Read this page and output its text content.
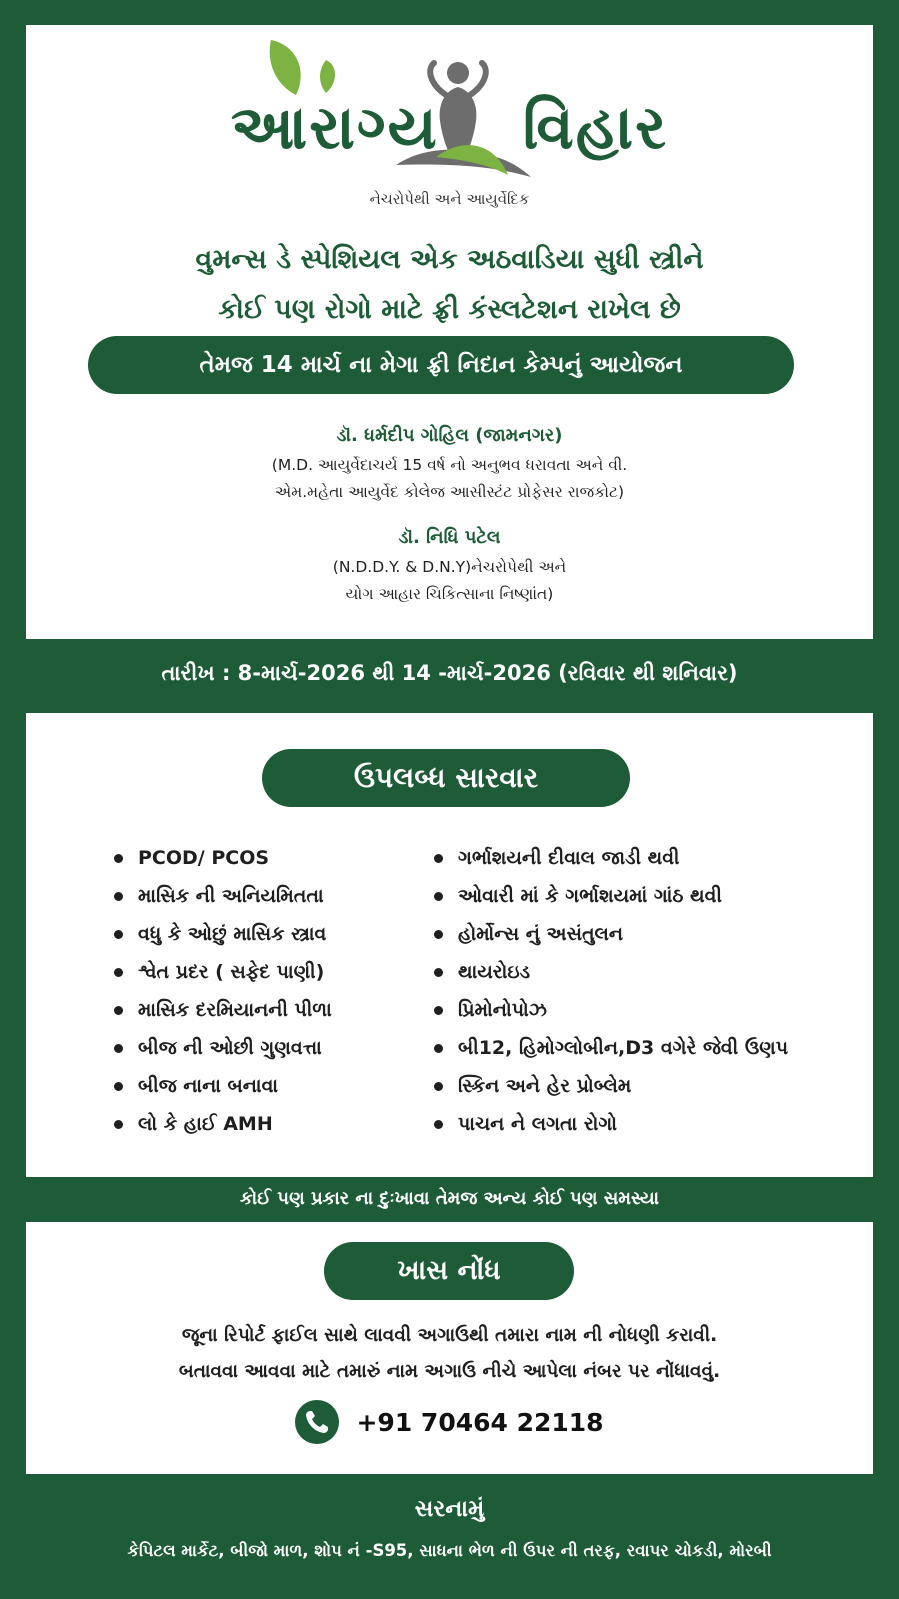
આરાગ્ય વિહાર
નેચરોપેથી અને આયુર્વેદિક
વુમન્સ ડે સ્પેશિયલ એક અઠવાડિયા સુધી સ્ત્રીને
કોઈ પણ રોગો માટે ફ્રી કંસ્લટેશન રાખેલ છે
તેમજ 14 માર્ચ ના મેગા ફ્રી નિદાન કેમ્પનું આયોજન
ડૉ. ધર્મદીપ ગોહિલ (જામનગર)
(M.D. આયુર્વેદાચર્ય 15 વર્ષ નો અનુભવ ધરાવતા અને વી.
એમ.મહેતા આયુર્વેદ કોલેજ આસીસ્ટંટ પ્રોફેસર રાજકોટ)
ડૉ. નિધિ પટેલ
(N.D.D.Y. & D.N.Y)નેચરોપેથી અને
યોગ આહાર ચિકિત્સાના નિષ્ણાંત)
તારીખ : 8-માર્ચ-2026 થી 14 -માર્ચ-2026 (રવિવાર થી શનિવાર)
ઉપલબ્ધ સારવાર
PCOD/ PCOS
માસિક ની અનિયમિતતા
વધુ કે ઓછું માસિક સ્ત્રાવ
શ્વેત પ્રદર ( સફેદ પાણી)
માસિક દરમિયાનની પીળા
બીજ ની ઓછી ગુણવત્તા
બીજ નાના બનાવા
લો કે હાઈ AMH
ગર્ભાશયની દીવાલ જાડી થવી
ઓવારી માં કે ગર્ભાશયમાં ગાંઠ થવી
હોર્મોન્સ નું અસંતુલન
થાયરોઇડ
પ્રિમોનોપોઝ
બી12, હિમોગ્લોબીન,D3 વગેરે જેવી ઉણપ
સ્કિન અને હેર પ્રોબ્લેમ
પાચન ને લગતા રોગો
કોઈ પણ પ્રકાર ના દુઃખાવા તેમજ અન્ય કોઈ પણ સમસ્યા
ખાસ નોંધ
જૂના રિપોર્ટ ફાઈલ સાથે લાવવી અગાઉથી તમારા નામ ની નોધણી કરાવી.
બતાવવા આવવા માટે તમારું નામ અગાઉ નીચે આપેલા નંબર પર નોંધાવવું.
+91 70464 22118
સરનામું
કેપિટલ માર્કેટ, બીજો માળ, શોપ નં -S95, સાધના ભેળ ની ઉપર ની તરફ, રવાપર ચોકડી, મોરબી
